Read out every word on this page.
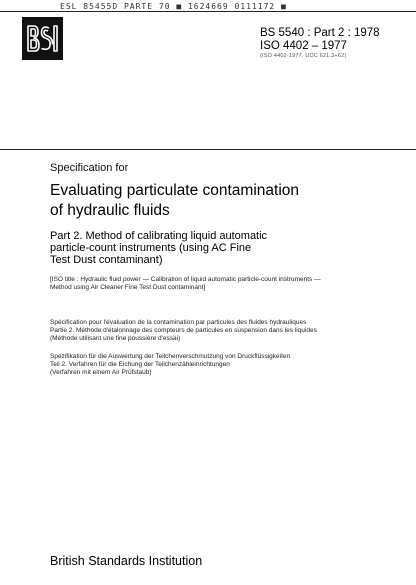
ESL 85455D PARTE 70 ■ 1624669 0111172 ■
BS 5540 : Part 2 : 1978
ISO 4402 – 1977
(ISO 4402-1977, UDC 621.3+62)
Specification for
Evaluating particulate contamination
of hydraulic fluids
Part 2. Method of calibrating liquid automatic
particle-count instruments (using AC Fine
Test Dust contaminant)
[ISO title : Hydraulic fluid power — Calibration of liquid automatic particle-count instruments —
Method using Air Cleaner Fine Test Dust contaminant]
Spécification pour l'évaluation de la contamination par particules des fluides hydrauliques
Partie 2. Méthode d'étalonnage des compteurs de particules en suspension dans les liquides
(Méthode utilisant une fine poussière d'essai)
Spezifikation für die Auswertung der Teilchenverschmutzung von Druckflüssigkeiten
Teil 2. Verfahren für die Eichung der Teilchenzähleinrichtungen
(Verfahren mit einem Air Prüfstaub)
British Standards Institution
